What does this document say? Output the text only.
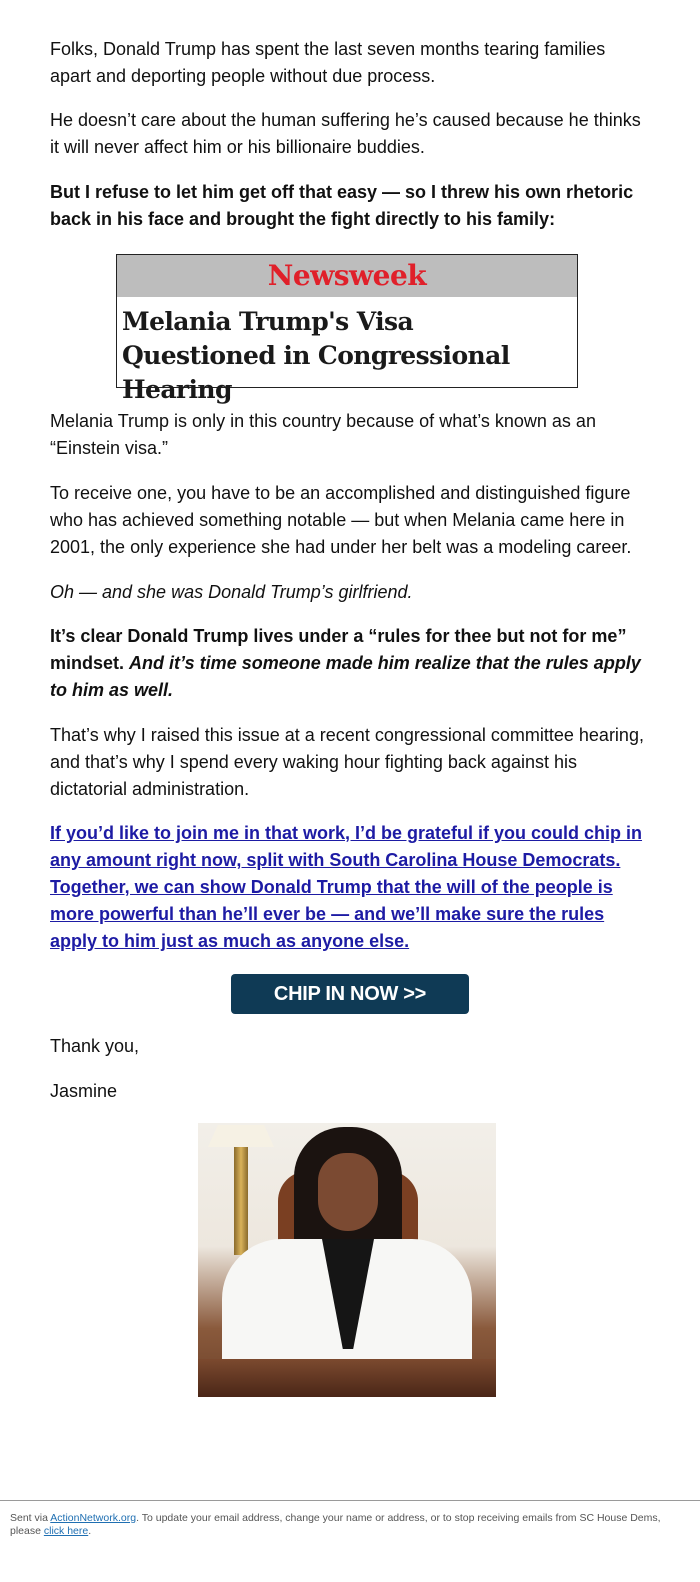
Folks, Donald Trump has spent the last seven months tearing families apart and deporting people without due process.

He doesn’t care about the human suffering he’s caused because he thinks it will never affect him or his billionaire buddies.

But I refuse to let him get off that easy — so I threw his own rhetoric back in his face and brought the fight directly to his family:

Newsweek
Melania Trump's Visa Questioned in Congressional Hearing

Melania Trump is only in this country because of what’s known as an “Einstein visa.”

To receive one, you have to be an accomplished and distinguished figure who has achieved something notable — but when Melania came here in 2001, the only experience she had under her belt was a modeling career.

Oh — and she was Donald Trump’s girlfriend.

It’s clear Donald Trump lives under a “rules for thee but not for me” mindset. And it’s time someone made him realize that the rules apply to him as well.

That’s why I raised this issue at a recent congressional committee hearing, and that’s why I spend every waking hour fighting back against his dictatorial administration.

If you’d like to join me in that work, I’d be grateful if you could chip in any amount right now, split with South Carolina House Democrats. Together, we can show Donald Trump that the will of the people is more powerful than he’ll ever be — and we’ll make sure the rules apply to him just as much as anyone else.

CHIP IN NOW >>

Thank you,

Jasmine

Sent via ActionNetwork.org. To update your email address, change your name or address, or to stop receiving emails from SC House Dems, please click here.
